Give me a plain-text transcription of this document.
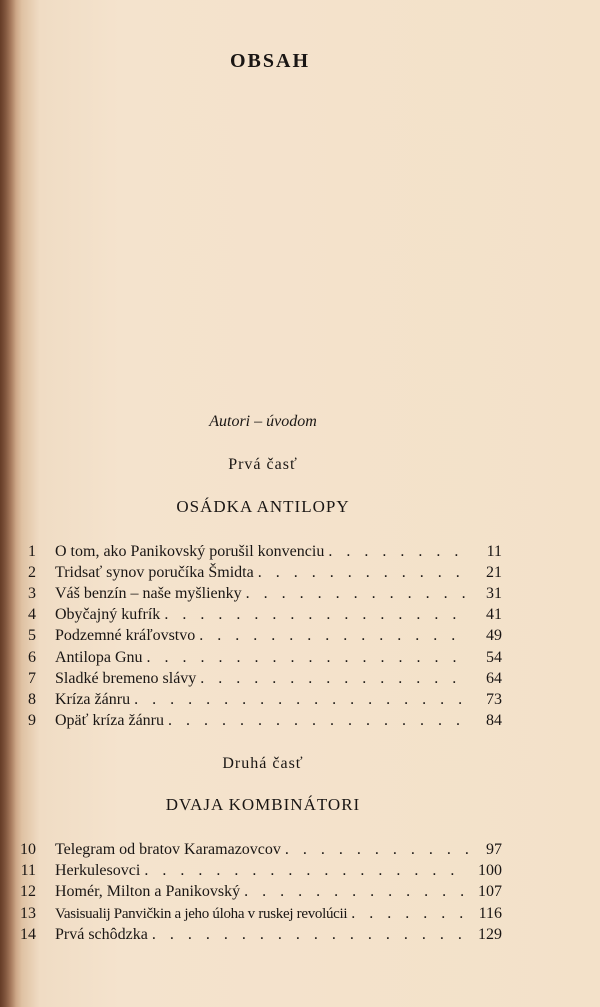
OBSAH
Autori – úvodom
Prvá časť
OSÁDKA ANTILOPY
1 O tom, ako Panikovský porušil konvenciu . . .	11
2 Tridsať synov poručíka Šmidta . . .	21
3 Váš benzín – naše myšlienky . . .	31
4 Obyčajný kufrík . . .	41
5 Podzemné kráľovstvo . . .	49
6 Antilopa Gnu . . .	54
7 Sladké bremeno slávy . . .	64
8 Kríza žánru . . .	73
9 Opäť kríza žánru . . .	84
Druhá časť
DVAJA KOMBINÁTORI
10 Telegram od bratov Karamazovcov . . .	97
11 Herkulesovci . . .	100
12 Homér, Milton a Panikovský . . .	107
13 Vasisualij Panvičkin a jeho úloha v ruskej revolúcii . . .	116
14 Prvá schôdzka . . .	129
